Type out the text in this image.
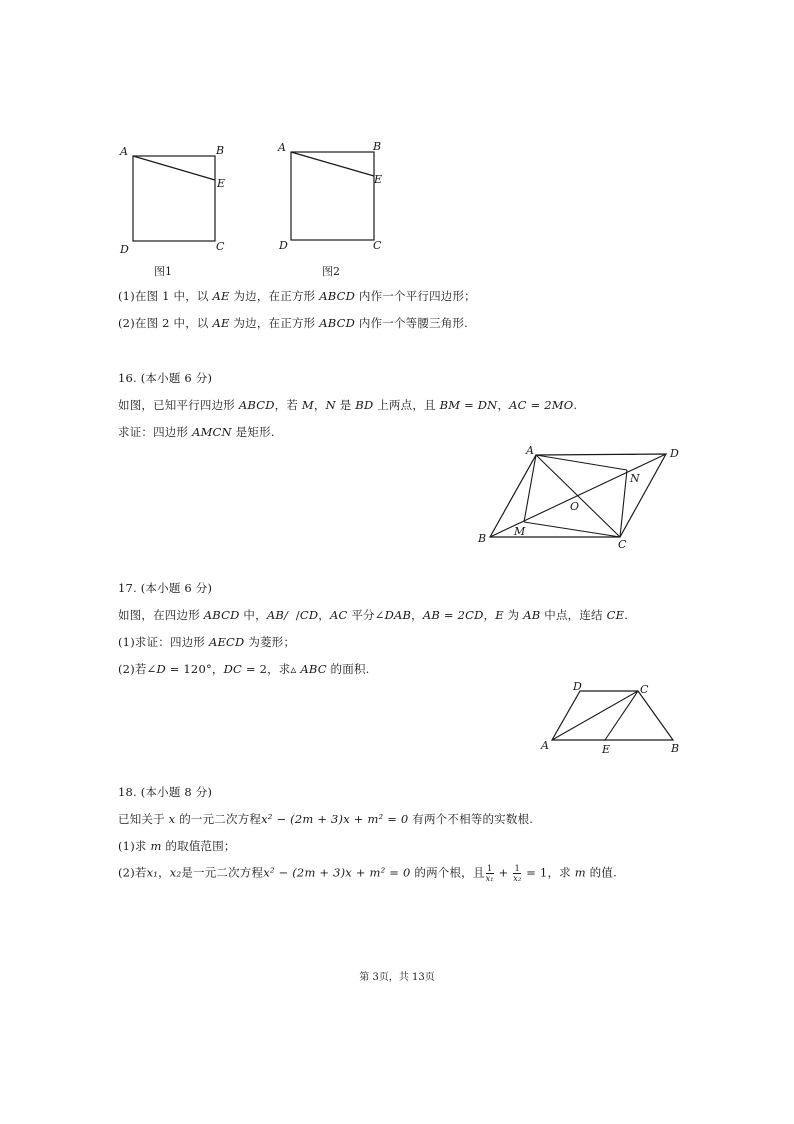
A	B
E
D	C
A	B
E
D	C
图1	图2
(1)在图 1 中，以 AE 为边，在正方形 ABCD 内作一个平行四边形；
(2)在图 2 中，以 AE 为边，在正方形 ABCD 内作一个等腰三角形.
16. (本小题 6 分)
如图，已知平行四边形 ABCD，若 M，N 是 BD 上两点，且 BM = DN，AC = 2MO.
求证：四边形 AMCN 是矩形.
A	D
N
O
B
M
C
17. (本小题 6 分)
如图，在四边形 ABCD 中，AB/  /CD，AC 平分∠DAB，AB = 2CD，E 为 AB 中点，连结 CE.
(1)求证：四边形 AECD 为菱形；
(2)若∠D = 120°，DC = 2，求▵ ABC 的面积.
D	C
A	E	B
18. (本小题 8 分)
已知关于 x 的一元二次方程x² − (2m + 3)x + m² = 0 有两个不相等的实数根.
(1)求 m 的取值范围；
(2)若x₁，x₂是一元二次方程x² − (2m + 3)x + m² = 0 的两个根，且 $\frac{1}{\text{x₁}} + \frac{1}{\text{x₂}} = 1$，求 m 的值.
第 3页，共 13页
